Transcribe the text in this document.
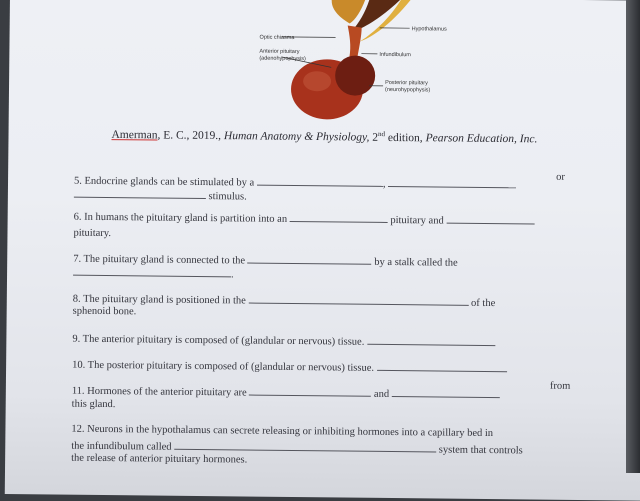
Optic chiasma
Hypothalamus
Infundibulum
Anterior pituitary
(adenohypophysis)
Posterior pituitary
(neurohypophysis)
Amerman, E. C., 2019., Human Anatomy & Physiology, 2nd edition, Pearson Education, Inc.
5. Endocrine glands can be stimulated by a	,
or
stimulus.
6. In humans the pituitary gland is partition into an	pituitary and
pituitary.
7. The pituitary gland is connected to the	by a stalk called the
.
8. The pituitary gland is positioned in the	of the
sphenoid bone.
9. The anterior pituitary is composed of (glandular or nervous) tissue.
10. The posterior pituitary is composed of (glandular or nervous) tissue.
11. Hormones of the anterior pituitary are	and
from
this gland.
12. Neurons in the hypothalamus can secrete releasing or inhibiting hormones into a capillary bed in
the infundibulum called	system that controls
the release of anterior pituitary hormones.
